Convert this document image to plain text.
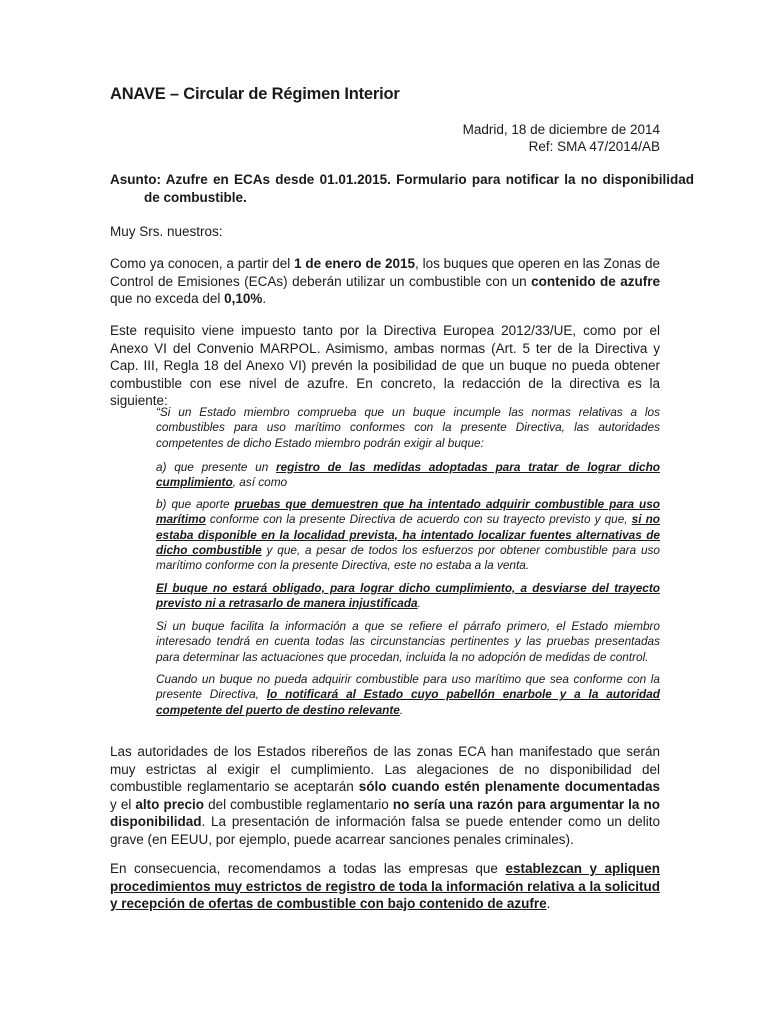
ANAVE – Circular de Régimen Interior
Madrid, 18 de diciembre de 2014
Ref: SMA 47/2014/AB
Asunto: Azufre en ECAs desde 01.01.2015. Formulario para notificar la no disponibilidad de combustible.
Muy Srs. nuestros:
Como ya conocen, a partir del 1 de enero de 2015, los buques que operen en las Zonas de Control de Emisiones (ECAs) deberán utilizar un combustible con un contenido de azufre que no exceda del 0,10%.
Este requisito viene impuesto tanto por la Directiva Europea 2012/33/UE, como por el Anexo VI del Convenio MARPOL. Asimismo, ambas normas (Art. 5 ter de la Directiva y Cap. III, Regla 18 del Anexo VI) prevén la posibilidad de que un buque no pueda obtener combustible con ese nivel de azufre. En concreto, la redacción de la directiva es la siguiente:
“Si un Estado miembro comprueba que un buque incumple las normas relativas a los combustibles para uso marítimo conformes con la presente Directiva, las autoridades competentes de dicho Estado miembro podrán exigir al buque:
a) que presente un registro de las medidas adoptadas para tratar de lograr dicho cumplimiento, así como
b) que aporte pruebas que demuestren que ha intentado adquirir combustible para uso marítimo conforme con la presente Directiva de acuerdo con su trayecto previsto y que, si no estaba disponible en la localidad prevista, ha intentado localizar fuentes alternativas de dicho combustible y que, a pesar de todos los esfuerzos por obtener combustible para uso marítimo conforme con la presente Directiva, este no estaba a la venta.
El buque no estará obligado, para lograr dicho cumplimiento, a desviarse del trayecto previsto ni a retrasarlo de manera injustificada.
Si un buque facilita la información a que se refiere el párrafo primero, el Estado miembro interesado tendrá en cuenta todas las circunstancias pertinentes y las pruebas presentadas para determinar las actuaciones que procedan, incluida la no adopción de medidas de control.
Cuando un buque no pueda adquirir combustible para uso marítimo que sea conforme con la presente Directiva, lo notificará al Estado cuyo pabellón enarbole y a la autoridad competente del puerto de destino relevante.
Las autoridades de los Estados ribereños de las zonas ECA han manifestado que serán muy estrictas al exigir el cumplimiento. Las alegaciones de no disponibilidad del combustible reglamentario se aceptarán sólo cuando estén plenamente documentadas y el alto precio del combustible reglamentario no sería una razón para argumentar la no disponibilidad. La presentación de información falsa se puede entender como un delito grave (en EEUU, por ejemplo, puede acarrear sanciones penales criminales).
En consecuencia, recomendamos a todas las empresas que establezcan y apliquen procedimientos muy estrictos de registro de toda la información relativa a la solicitud y recepción de ofertas de combustible con bajo contenido de azufre.
